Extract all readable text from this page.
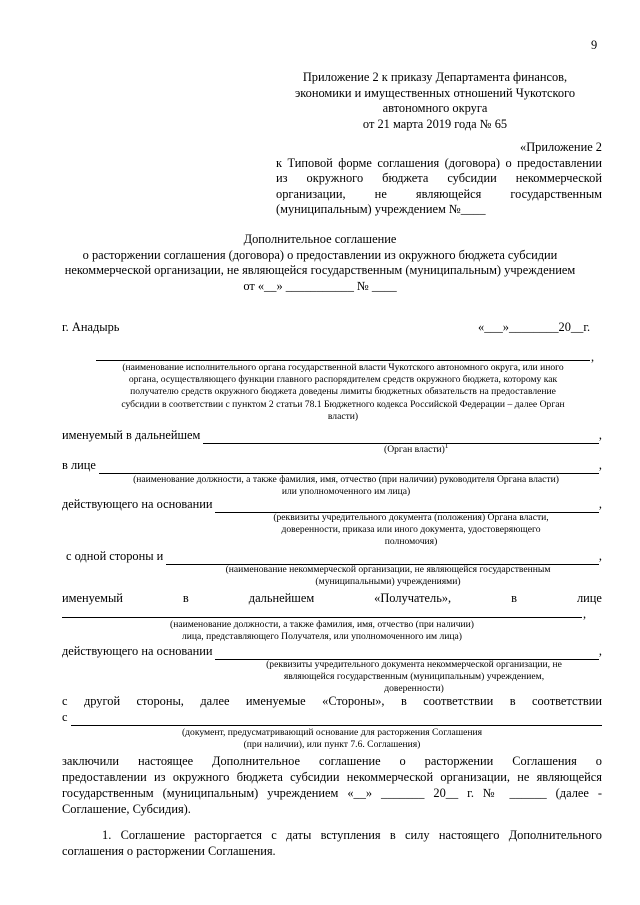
9
Приложение 2 к приказу Департамента финансов,
экономики и имущественных отношений Чукотского
автономного округа
от 21 марта 2019 года № 65
«Приложение 2
к Типовой форме соглашения (договора) о предоставлении
из окружного бюджета субсидии некоммерческой
организации, не являющейся государственным
(муниципальным) учреждением №____
Дополнительное соглашение
о расторжении соглашения (договора) о предоставлении из окружного бюджета субсидии
некоммерческой организации, не являющейся государственным (муниципальным) учреждением
от «__» ___________ № ____
г. Анадырь	«___»________20__г.
,
(наименование исполнительного органа государственной власти Чукотского автономного округа, или иного
органа, осуществляющего функции главного распорядителем средств окружного бюджета, которому как
получателю средств окружного бюджета доведены лимиты бюджетных обязательств на предоставление
субсидии в соответствии с пунктом 2 статьи 78.1 Бюджетного кодекса Российской Федерации – далее Орган
власти)
именуемый в дальнейшем	,
(Орган власти)$^1$
в лице	,
(наименование должности, а также фамилия, имя, отчество (при наличии) руководителя Органа власти)
или уполномоченного им лица)
действующего на основании	,
(реквизиты учредительного документа (положения) Органа власти,
доверенности, приказа или иного документа, удостоверяющего
полномочия)
с одной стороны и	,
(наименование некоммерческой организации, не являющейся государственным
(муниципальными) учреждениями)
именуемый	в	дальнейшем	«Получатель»,	в	лице
,
(наименование должности, а также фамилия, имя, отчество (при наличии)
лица, представляющего Получателя, или уполномоченного им лица)
действующего на основании	,
(реквизиты учредительного документа некоммерческой организации, не
являющейся государственным (муниципальным) учреждением,
доверенности)
с другой стороны, далее именуемые «Стороны», в соответствии в соответствии
с
(документ, предусматривающий основание для расторжения Соглашения
(при наличии), или пункт 7.6. Соглашения)
заключили настоящее Дополнительное соглашение о расторжении Соглашения о
предоставлении из окружного бюджета субсидии некоммерческой организации, не являющейся
государственным (муниципальным) учреждением «__» _______ 20__ г. № ______ (далее -
Соглашение, Субсидия).
1. Соглашение расторгается с даты вступления в силу настоящего Дополнительного
соглашения о расторжении Соглашения.
